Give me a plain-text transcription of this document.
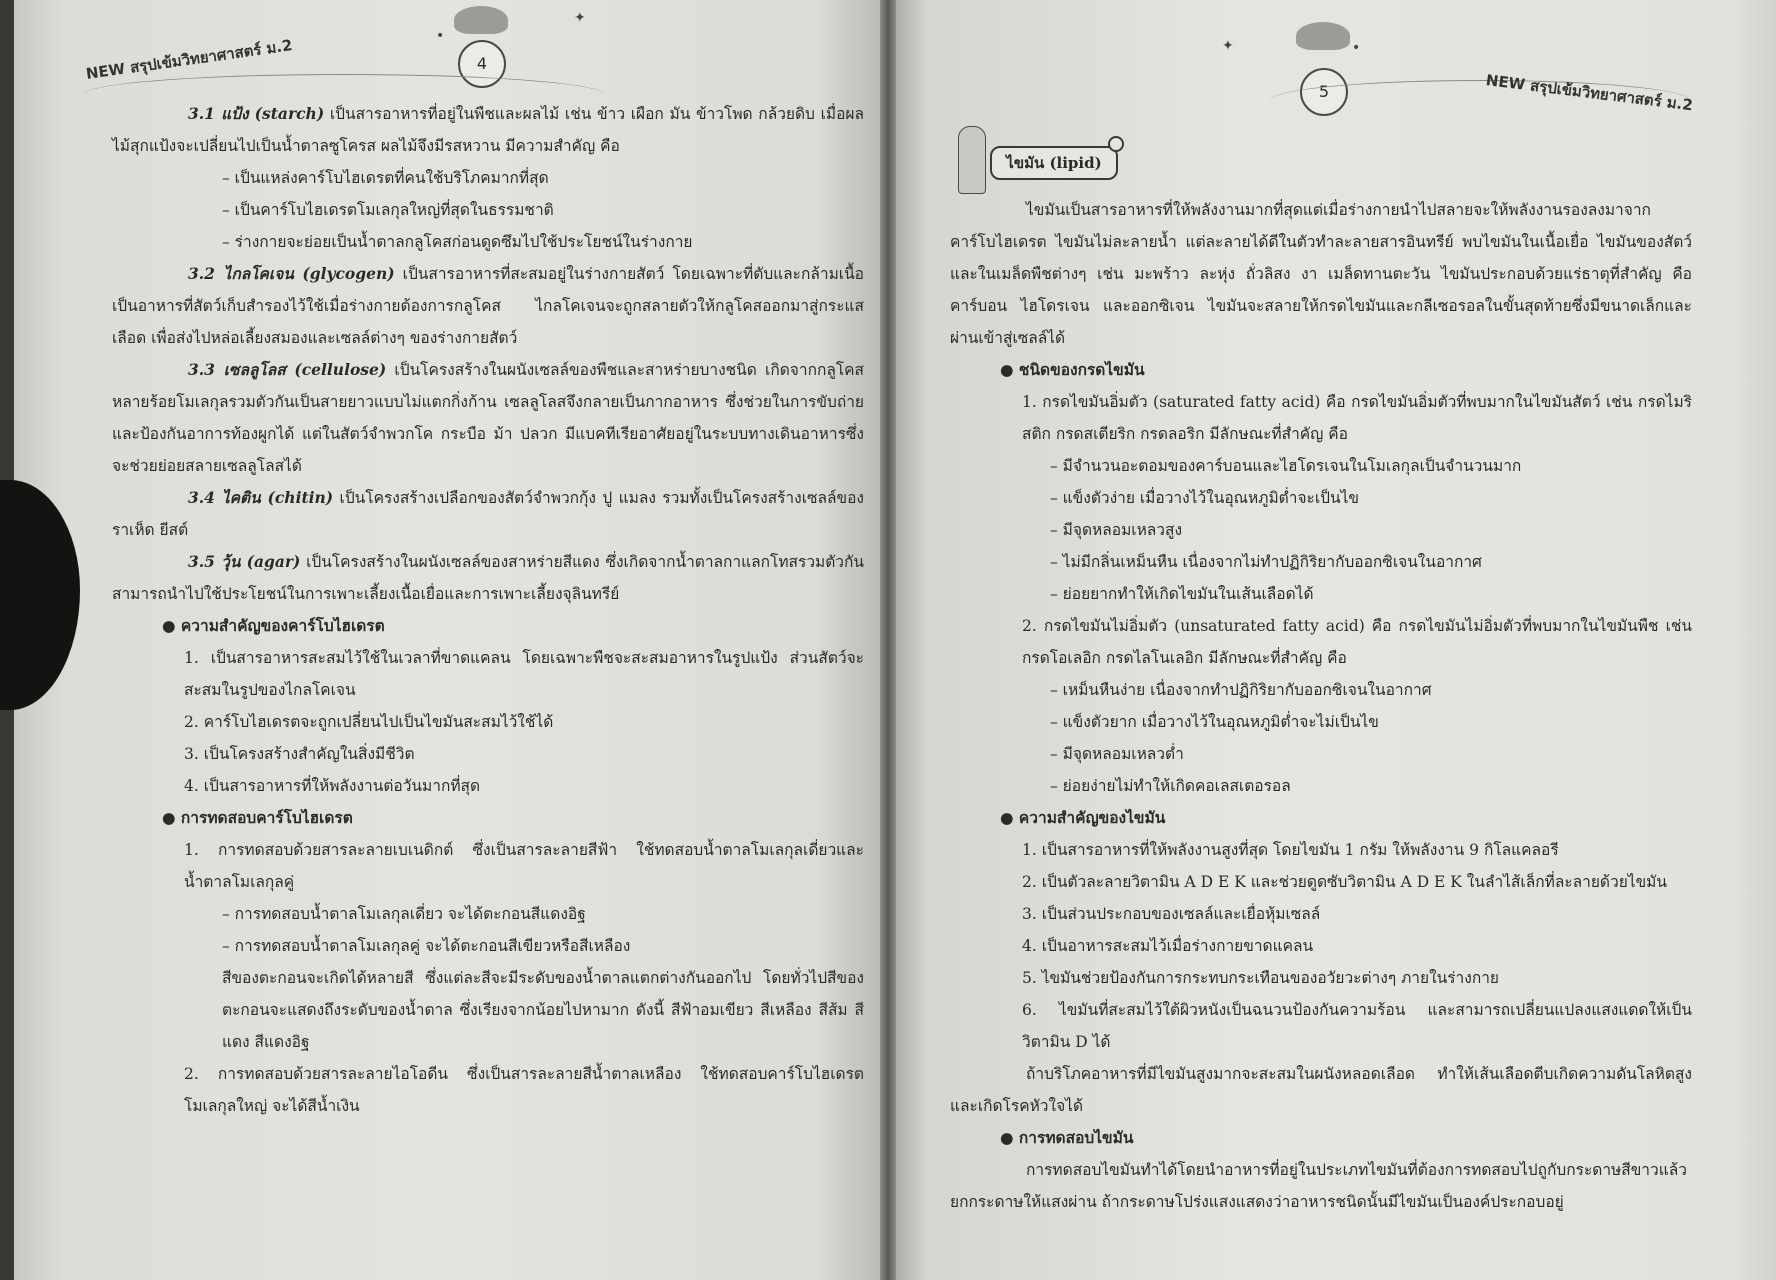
4
NEW สรุปเข้มวิทยาศาสตร์ ม.2
✦
•
5	NEW สรุปเข้มวิทยาศาสตร์ ม.2
✦	•
ไขมัน (lipid)

3.1 แป้ง (starch) เป็นสารอาหารที่อยู่ในพืชและผลไม้ เช่น ข้าว เผือก มัน ข้าวโพด กล้วยดิบ เมื่อผลไม้สุกแป้งจะเปลี่ยนไปเป็นน้ำตาลซูโครส ผลไม้จึงมีรสหวาน มีความสำคัญ คือ

– เป็นแหล่งคาร์โบไฮเดรตที่คนใช้บริโภคมากที่สุด

– เป็นคาร์โบไฮเดรตโมเลกุลใหญ่ที่สุดในธรรมชาติ

– ร่างกายจะย่อยเป็นน้ำตาลกลูโคสก่อนดูดซึมไปใช้ประโยชน์ในร่างกาย

3.2 ไกลโคเจน (glycogen) เป็นสารอาหารที่สะสมอยู่ในร่างกายสัตว์ โดยเฉพาะที่ตับและกล้ามเนื้อ เป็นอาหารที่สัตว์เก็บสำรองไว้ใช้เมื่อร่างกายต้องการกลูโคส ไกลโคเจนจะถูกสลายตัวให้กลูโคสออกมาสู่กระแสเลือด เพื่อส่งไปหล่อเลี้ยงสมองและเซลล์ต่างๆ ของร่างกายสัตว์

3.3 เซลลูโลส (cellulose) เป็นโครงสร้างในผนังเซลล์ของพืชและสาหร่ายบางชนิด เกิดจากกลูโคสหลายร้อยโมเลกุลรวมตัวกันเป็นสายยาวแบบไม่แตกกิ่งก้าน เซลลูโลสจึงกลายเป็นกากอาหาร ซึ่งช่วยในการขับถ่ายและป้องกันอาการท้องผูกได้ แต่ในสัตว์จำพวกโค กระบือ ม้า ปลวก มีแบคทีเรียอาศัยอยู่ในระบบทางเดินอาหารซึ่งจะช่วยย่อยสลายเซลลูโลสได้

3.4 ไคติน (chitin) เป็นโครงสร้างเปลือกของสัตว์จำพวกกุ้ง ปู แมลง รวมทั้งเป็นโครงสร้างเซลล์ของราเห็ด ยีสต์

3.5 วุ้น (agar) เป็นโครงสร้างในผนังเซลล์ของสาหร่ายสีแดง ซึ่งเกิดจากน้ำตาลกาแลกโทสรวมตัวกัน สามารถนำไปใช้ประโยชน์ในการเพาะเลี้ยงเนื้อเยื่อและการเพาะเลี้ยงจุลินทรีย์

● ความสำคัญของคาร์โบไฮเดรต

1. เป็นสารอาหารสะสมไว้ใช้ในเวลาที่ขาดแคลน โดยเฉพาะพืชจะสะสมอาหารในรูปแป้ง ส่วนสัตว์จะสะสมในรูปของไกลโคเจน

2. คาร์โบไฮเดรตจะถูกเปลี่ยนไปเป็นไขมันสะสมไว้ใช้ได้

3. เป็นโครงสร้างสำคัญในสิ่งมีชีวิต

4. เป็นสารอาหารที่ให้พลังงานต่อวันมากที่สุด

● การทดสอบคาร์โบไฮเดรต

1. การทดสอบด้วยสารละลายเบเนดิกต์ ซึ่งเป็นสารละลายสีฟ้า ใช้ทดสอบน้ำตาลโมเลกุลเดี่ยวและน้ำตาลโมเลกุลคู่

– การทดสอบน้ำตาลโมเลกุลเดี่ยว จะได้ตะกอนสีแดงอิฐ

– การทดสอบน้ำตาลโมเลกุลคู่ จะได้ตะกอนสีเขียวหรือสีเหลือง

สีของตะกอนจะเกิดได้หลายสี ซึ่งแต่ละสีจะมีระดับของน้ำตาลแตกต่างกันออกไป โดยทั่วไปสีของตะกอนจะแสดงถึงระดับของน้ำตาล ซึ่งเรียงจากน้อยไปหามาก ดังนี้ สีฟ้าอมเขียว สีเหลือง สีส้ม สีแดง สีแดงอิฐ

2. การทดสอบด้วยสารละลายไอโอดีน ซึ่งเป็นสารละลายสีน้ำตาลเหลือง ใช้ทดสอบคาร์โบไฮเดรตโมเลกุลใหญ่ จะได้สีน้ำเงิน

ไขมันเป็นสารอาหารที่ให้พลังงานมากที่สุดแต่เมื่อร่างกายนำไปสลายจะให้พลังงานรองลงมาจากคาร์โบไฮเดรต ไขมันไม่ละลายน้ำ แต่ละลายได้ดีในตัวทำละลายสารอินทรีย์ พบไขมันในเนื้อเยื่อ ไขมันของสัตว์ และในเมล็ดพืชต่างๆ เช่น มะพร้าว ละหุ่ง ถั่วลิสง งา เมล็ดทานตะวัน ไขมันประกอบด้วยแร่ธาตุที่สำคัญ คือ คาร์บอน ไฮโดรเจน และออกซิเจน ไขมันจะสลายให้กรดไขมันและกลีเซอรอลในขั้นสุดท้ายซึ่งมีขนาดเล็กและผ่านเข้าสู่เซลล์ได้

● ชนิดของกรดไขมัน

1. กรดไขมันอิ่มตัว (saturated fatty acid) คือ กรดไขมันอิ่มตัวที่พบมากในไขมันสัตว์ เช่น กรดไมริสติก กรดสเตียริก กรดลอริก มีลักษณะที่สำคัญ คือ

– มีจำนวนอะตอมของคาร์บอนและไฮโดรเจนในโมเลกุลเป็นจำนวนมาก

– แข็งตัวง่าย เมื่อวางไว้ในอุณหภูมิต่ำจะเป็นไข

– มีจุดหลอมเหลวสูง

– ไม่มีกลิ่นเหม็นหืน เนื่องจากไม่ทำปฏิกิริยากับออกซิเจนในอากาศ

– ย่อยยากทำให้เกิดไขมันในเส้นเลือดได้

2. กรดไขมันไม่อิ่มตัว (unsaturated fatty acid) คือ กรดไขมันไม่อิ่มตัวที่พบมากในไขมันพืช เช่น กรดโอเลอิก กรดไลโนเลอิก มีลักษณะที่สำคัญ คือ

– เหม็นหืนง่าย เนื่องจากทำปฏิกิริยากับออกซิเจนในอากาศ

– แข็งตัวยาก เมื่อวางไว้ในอุณหภูมิต่ำจะไม่เป็นไข

– มีจุดหลอมเหลวต่ำ

– ย่อยง่ายไม่ทำให้เกิดคอเลสเตอรอล

● ความสำคัญของไขมัน

1. เป็นสารอาหารที่ให้พลังงานสูงที่สุด โดยไขมัน 1 กรัม ให้พลังงาน 9 กิโลแคลอรี

2. เป็นตัวละลายวิตามิน A D E K และช่วยดูดซับวิตามิน A D E K ในลำไส้เล็กที่ละลายด้วยไขมัน

3. เป็นส่วนประกอบของเซลล์และเยื่อหุ้มเซลล์

4. เป็นอาหารสะสมไว้เมื่อร่างกายขาดแคลน

5. ไขมันช่วยป้องกันการกระทบกระเทือนของอวัยวะต่างๆ ภายในร่างกาย

6. ไขมันที่สะสมไว้ใต้ผิวหนังเป็นฉนวนป้องกันความร้อน และสามารถเปลี่ยนแปลงแสงแดดให้เป็นวิตามิน D ได้

ถ้าบริโภคอาหารที่มีไขมันสูงมากจะสะสมในผนังหลอดเลือด ทำให้เส้นเลือดตีบเกิดความดันโลหิตสูงและเกิดโรคหัวใจได้

● การทดสอบไขมัน

การทดสอบไขมันทำได้โดยนำอาหารที่อยู่ในประเภทไขมันที่ต้องการทดสอบไปถูกับกระดาษสีขาวแล้วยกกระดาษให้แสงผ่าน ถ้ากระดาษโปร่งแสงแสดงว่าอาหารชนิดนั้นมีไขมันเป็นองค์ประกอบอยู่
